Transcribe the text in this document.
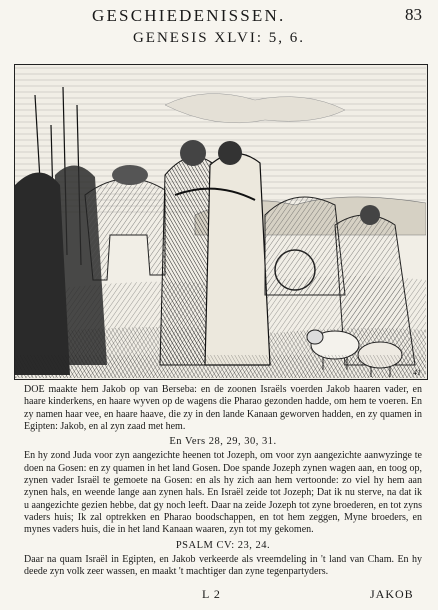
GESCHIEDENISSEN.	83
GENESIS XLVI: 5, 6.
41

DOE maakte hem Jakob op van Berseba: en de zoonen Israëls voerden Jakob haaren vader, en haare kinderkens, en haare wyven op de wagens die Pharao gezonden hadde, om hem te voeren. En zy namen haar vee, en haare haave, die zy in den lande Kanaan geworven hadden, en zy quamen in Egipten: Jakob, en al zyn zaad met hem.

En Vers 28, 29, 30, 31.

En hy zond Juda voor zyn aangezichte heenen tot Jozeph, om voor zyn aangezichte aanwyzinge te doen na Gosen: en zy quamen in het land Gosen. Doe spande Jozeph zynen wagen aan, en toog op, zynen vader Israël te gemoete na Gosen: en als hy zich aan hem vertoonde: zo viel hy hem aan zynen hals, en weende lange aan zynen hals. En Israël zeide tot Jozeph; Dat ik nu sterve, na dat ik u aangezichte gezien hebbe, dat gy noch leeft. Daar na zeide Jozeph tot zyne broederen, en tot zyns vaders huis; Ik zal optrekken en Pharao boodschappen, en tot hem zeggen, Myne broeders, en mynes vaders huis, die in het land Kanaan waaren, zyn tot my gekomen.

PSALM CV: 23, 24.

Daar na quam Israël in Egipten, en Jakob verkeerde als vreemdeling in 't land van Cham. En hy deede zyn volk zeer wassen, en maakt 't machtiger dan zyne tegenpartyders.

L 2	JAKOB
